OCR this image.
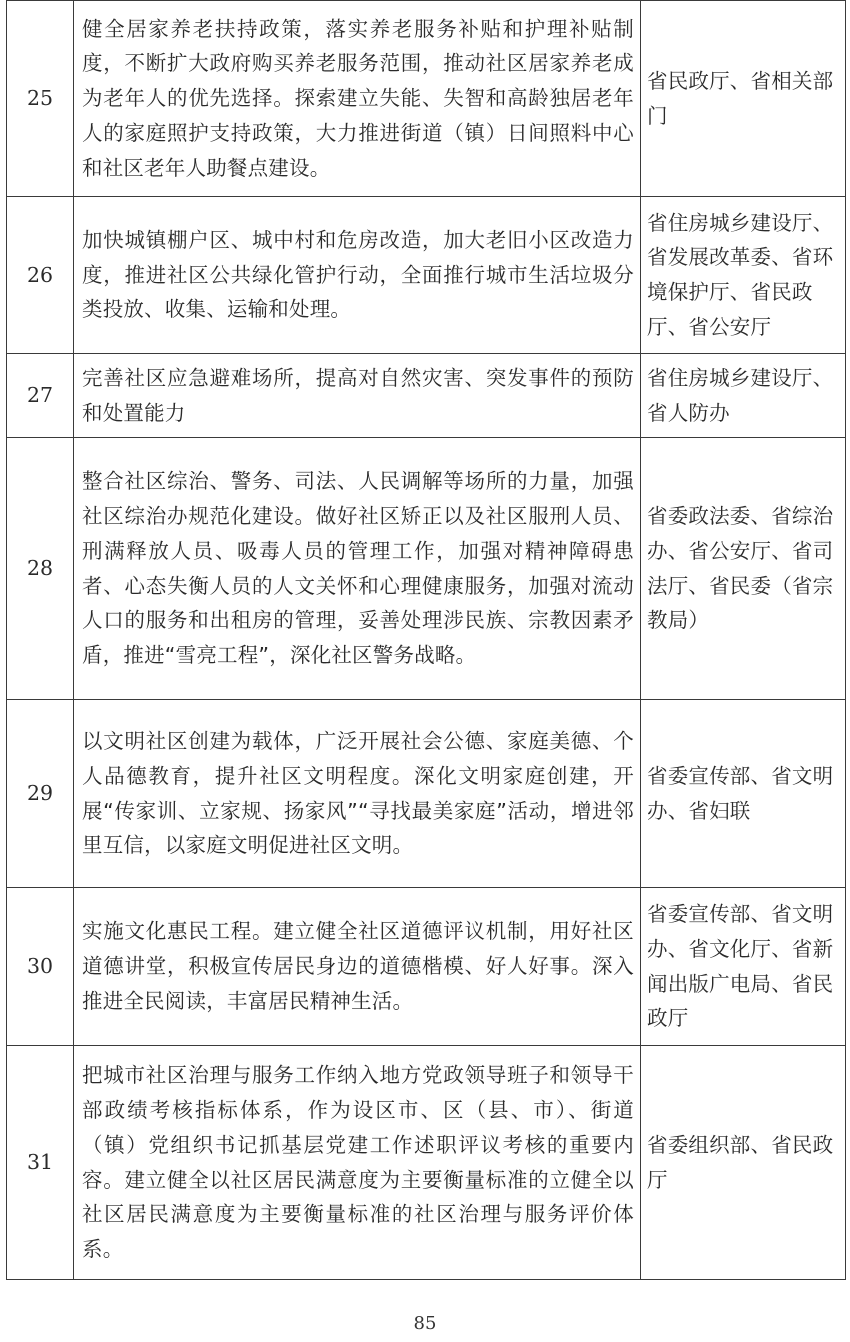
25	健全居家养老扶持政策，落实养老服务补贴和护理补贴制度，不断扩大政府购买养老服务范围，推动社区居家养老成为老年人的优先选择。探索建立失能、失智和高龄独居老年人的家庭照护支持政策，大力推进街道（镇）日间照料中心和社区老年人助餐点建设。	省民政厅、省相关部门
26	加快城镇棚户区、城中村和危房改造，加大老旧小区改造力度，推进社区公共绿化管护行动，全面推行城市生活垃圾分类投放、收集、运输和处理。	省住房城乡建设厅、省发展改革委、省环境保护厅、省民政厅、省公安厅
27	完善社区应急避难场所，提高对自然灾害、突发事件的预防和处置能力	省住房城乡建设厅、省人防办
28	整合社区综治、警务、司法、人民调解等场所的力量，加强社区综治办规范化建设。做好社区矫正以及社区服刑人员、刑满释放人员、吸毒人员的管理工作，加强对精神障碍患者、心态失衡人员的人文关怀和心理健康服务，加强对流动人口的服务和出租房的管理，妥善处理涉民族、宗教因素矛盾，推进“雪亮工程”，深化社区警务战略。	省委政法委、省综治办、省公安厅、省司法厅、省民委（省宗教局）
29	以文明社区创建为载体，广泛开展社会公德、家庭美德、个人品德教育，提升社区文明程度。深化文明家庭创建，开展“传家训、立家规、扬家风”“寻找最美家庭”活动，增进邻里互信，以家庭文明促进社区文明。	省委宣传部、省文明办、省妇联
30	实施文化惠民工程。建立健全社区道德评议机制，用好社区道德讲堂，积极宣传居民身边的道德楷模、好人好事。深入推进全民阅读，丰富居民精神生活。	省委宣传部、省文明办、省文化厅、省新闻出版广电局、省民政厅
31	把城市社区治理与服务工作纳入地方党政领导班子和领导干部政绩考核指标体系，作为设区市、区（县、市）、街道（镇）党组织书记抓基层党建工作述职评议考核的重要内容。建立健全以社区居民满意度为主要衡量标准的立健全以社区居民满意度为主要衡量标准的社区治理与服务评价体系。	省委组织部、省民政厅
85
